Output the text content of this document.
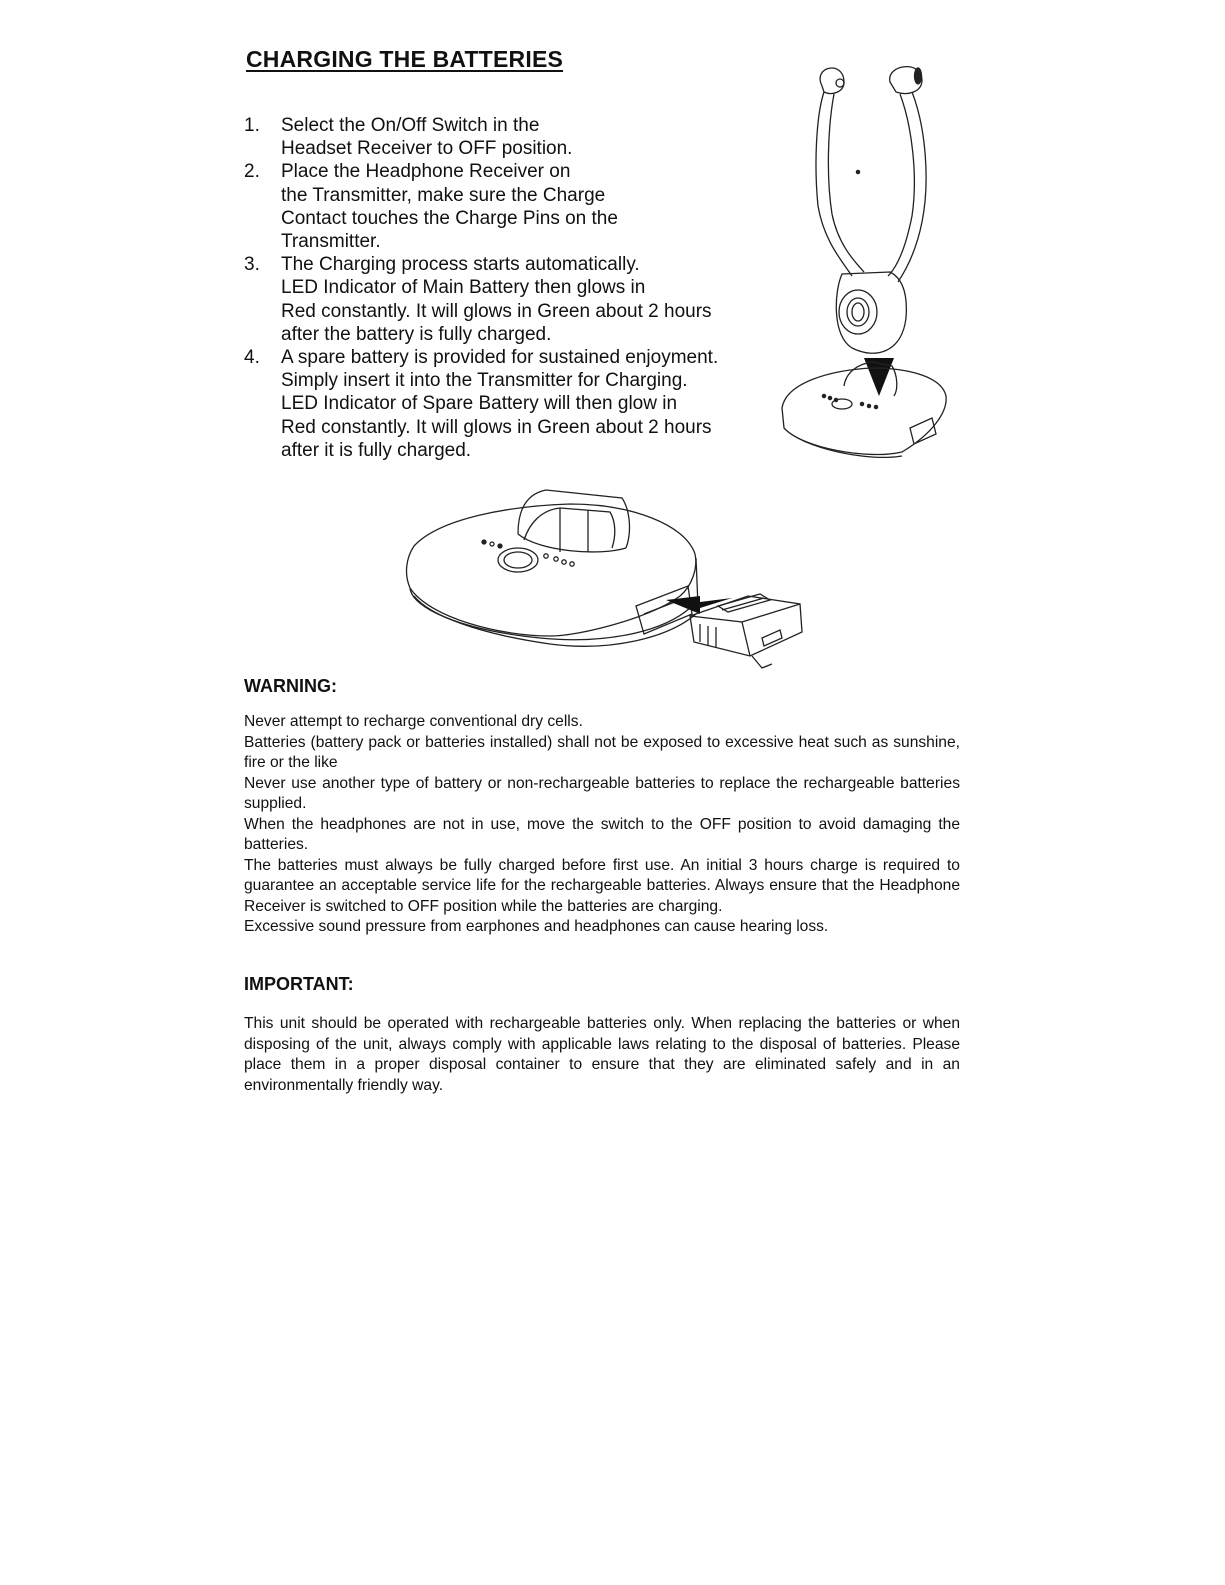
CHARGING THE BATTERIES
1.	Select the On/Off Switch in the
Headset Receiver to OFF position.
2.	Place the Headphone Receiver on
the Transmitter, make sure the Charge
Contact touches the Charge Pins on the
Transmitter.
3.	The Charging process starts automatically.
LED Indicator of Main Battery then glows in
Red constantly. It will glows in Green about 2 hours
after the battery is fully charged.
4.	A spare battery is provided for sustained enjoyment.
Simply insert it into the Transmitter for Charging.
LED Indicator of Spare Battery will then glow in
Red constantly. It will glows in Green about 2 hours
after it is fully charged.
WARNING:

Never attempt to recharge conventional dry cells.

Batteries (battery pack or batteries installed) shall not be exposed to excessive heat such as sunshine, fire or the like

Never use another type of battery or non-rechargeable batteries to replace the rechargeable batteries supplied.

When the headphones are not in use, move the switch to the OFF position to avoid damaging the batteries.

The batteries must always be fully charged before first use. An initial 3 hours charge is required to guarantee an acceptable service life for the rechargeable batteries. Always ensure that the Headphone Receiver is switched to OFF position while the batteries are charging.

Excessive sound pressure from earphones and headphones can cause hearing loss.

IMPORTANT:

This unit should be operated with rechargeable batteries only. When replacing the batteries or when disposing of the unit, always comply with applicable laws relating to the disposal of batteries. Please place them in a proper disposal container to ensure that they are eliminated safely and in an environmentally friendly way.
